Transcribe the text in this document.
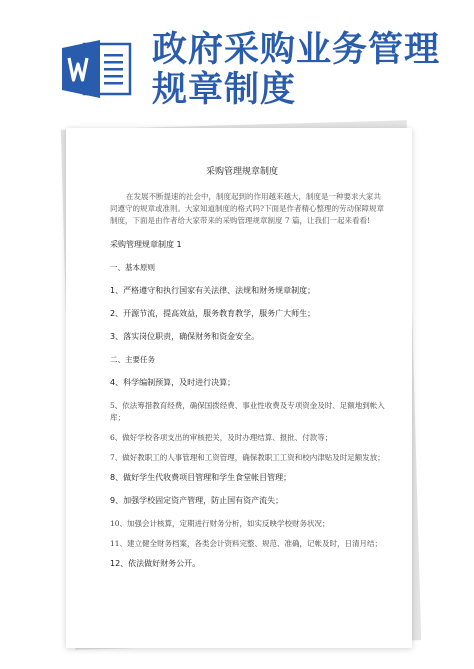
政府采购业务管理
规章制度
采购管理规章制度

在发展不断提速的社会中，制度起到的作用越来越大，制度是一种要求大家共同遵守的规章或准则。大家知道制度的格式吗?下面是作者精心整理的劳动保障规章制度，下面是由作者给大家带来的采购管理规章制度 7 篇，让我们一起来看看!

采购管理规章制度 1
一、基本原则
1、严格遵守和执行国家有关法律、法规和财务规章制度；
2、开源节流，提高效益，服务教育教学，服务广大师生；
3、落实岗位职责，确保财务和资金安全。
二、主要任务
4、科学编制预算，及时进行决算；
5、依法筹措教育经费，确保国拨经费、事业性收费及专项资金及时、足额地到帐入库；
6、做好学校各项支出的审核把关，及时办理结算、报批、付款等；
7、做好教职工的人事管理和工资管理，确保教职工工资和校内津贴及时足额发放；
8、做好学生代收费项目管理和学生食堂帐目管理；
9、加强学校固定资产管理，防止国有资产流失；
10、加强会计核算，定期进行财务分析，如实反映学校财务状况；
11、建立健全财务档案，各类会计资料完整、规范、准确，记帐及时，日清月结；
12、依法做好财务公开。
